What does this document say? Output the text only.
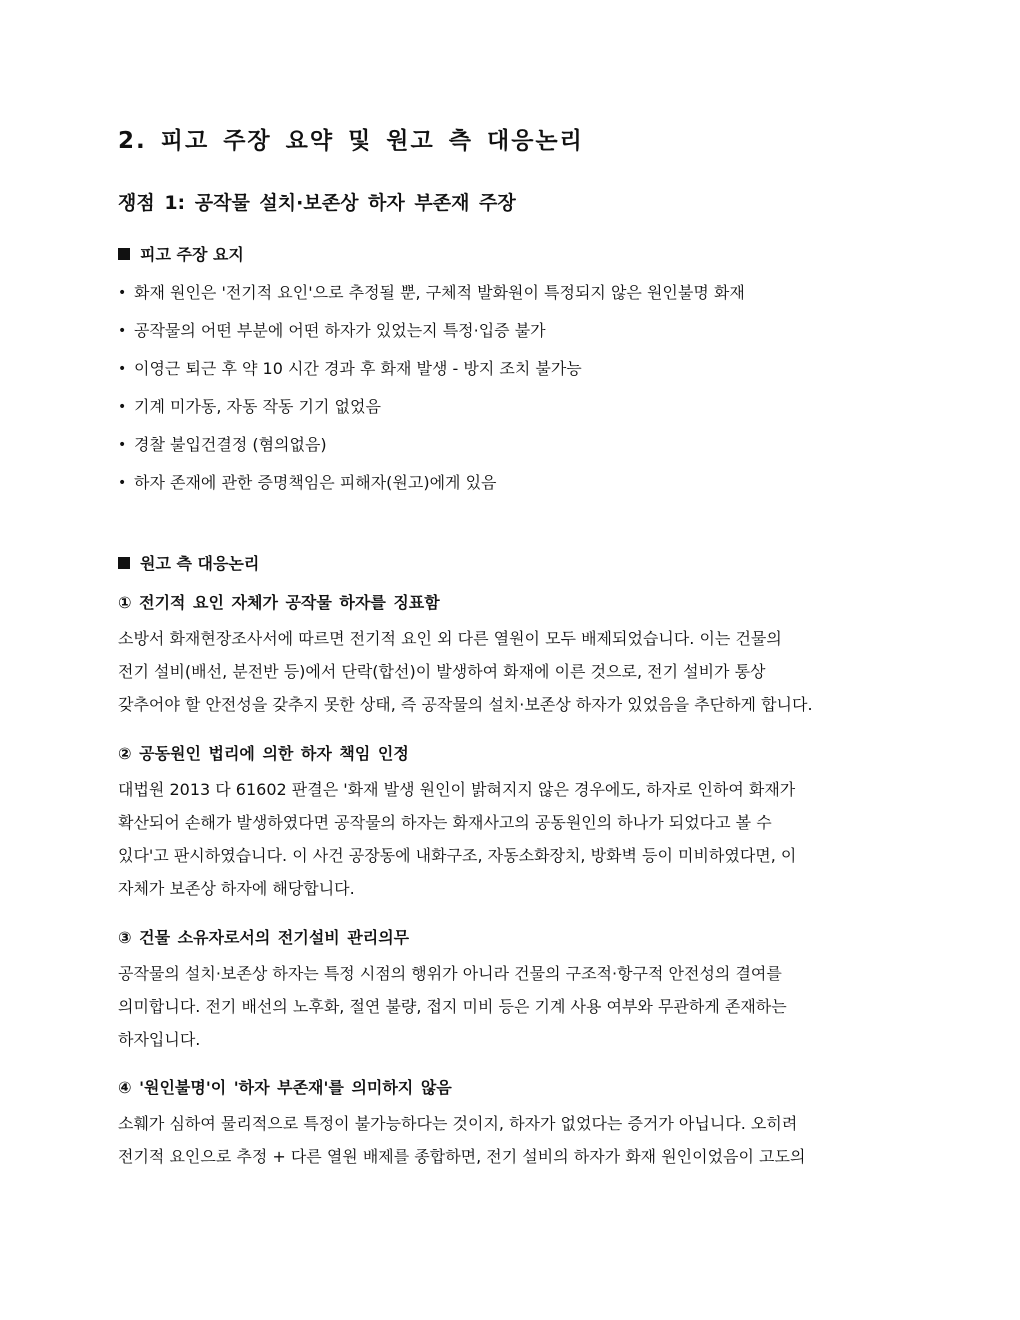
2. 피고 주장 요약 및 원고 측 대응논리
쟁점 1: 공작물 설치·보존상 하자 부존재 주장
피고 주장 요지
• 화재 원인은 '전기적 요인'으로 추정될 뿐, 구체적 발화원이 특정되지 않은 원인불명 화재
• 공작물의 어떤 부분에 어떤 하자가 있었는지 특정·입증 불가
• 이영근 퇴근 후 약 10 시간 경과 후 화재 발생 - 방지 조치 불가능
• 기계 미가동, 자동 작동 기기 없었음
• 경찰 불입건결정 (혐의없음)
• 하자 존재에 관한 증명책임은 피해자(원고)에게 있음
원고 측 대응논리
① 전기적 요인 자체가 공작물 하자를 징표함
소방서 화재현장조사서에 따르면 전기적 요인 외 다른 열원이 모두 배제되었습니다. 이는 건물의
전기 설비(배선, 분전반 등)에서 단락(합선)이 발생하여 화재에 이른 것으로, 전기 설비가 통상
갖추어야 할 안전성을 갖추지 못한 상태, 즉 공작물의 설치·보존상 하자가 있었음을 추단하게 합니다.
② 공동원인 법리에 의한 하자 책임 인정
대법원 2013 다 61602 판결은 '화재 발생 원인이 밝혀지지 않은 경우에도, 하자로 인하여 화재가
확산되어 손해가 발생하였다면 공작물의 하자는 화재사고의 공동원인의 하나가 되었다고 볼 수
있다'고 판시하였습니다. 이 사건 공장동에 내화구조, 자동소화장치, 방화벽 등이 미비하였다면, 이
자체가 보존상 하자에 해당합니다.
③ 건물 소유자로서의 전기설비 관리의무
공작물의 설치·보존상 하자는 특정 시점의 행위가 아니라 건물의 구조적·항구적 안전성의 결여를
의미합니다. 전기 배선의 노후화, 절연 불량, 접지 미비 등은 기계 사용 여부와 무관하게 존재하는
하자입니다.
④ '원인불명'이 '하자 부존재'를 의미하지 않음
소훼가 심하여 물리적으로 특정이 불가능하다는 것이지, 하자가 없었다는 증거가 아닙니다. 오히려
전기적 요인으로 추정 + 다른 열원 배제를 종합하면, 전기 설비의 하자가 화재 원인이었음이 고도의
